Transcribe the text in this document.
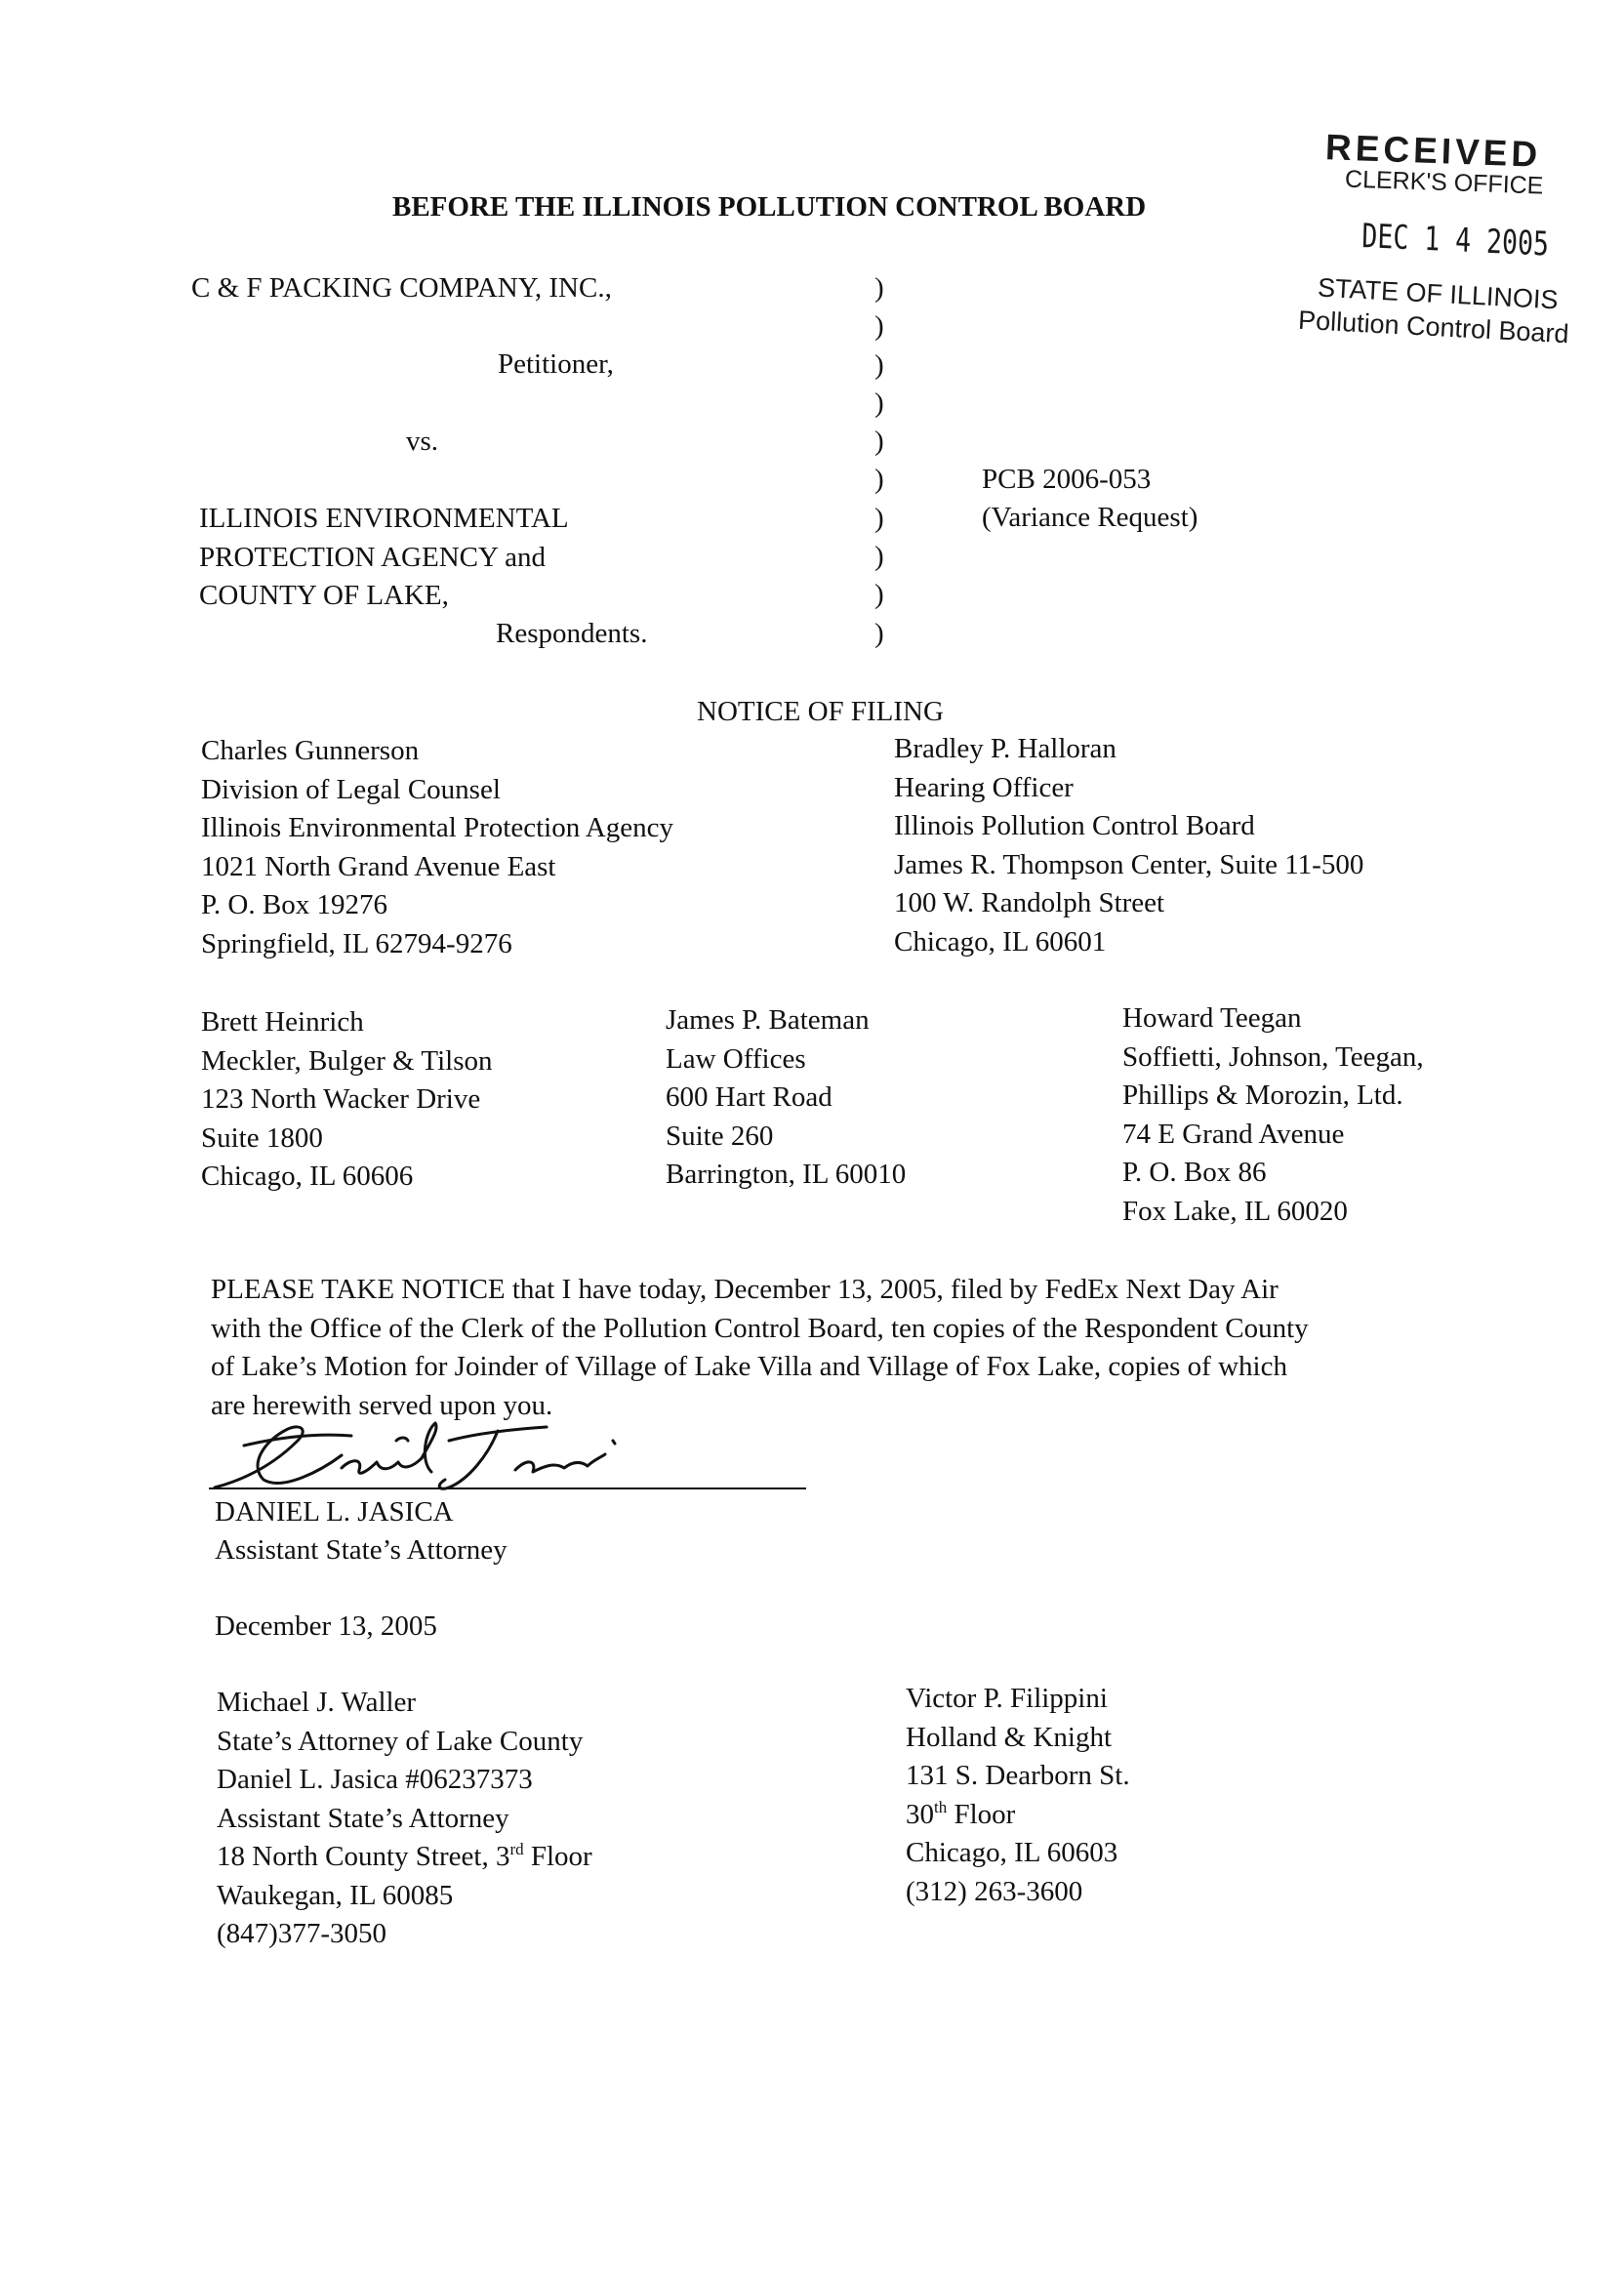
RECEIVED
CLERK'S OFFICE
DEC 1 4 2005
STATE OF ILLINOIS
Pollution Control Board
BEFORE THE ILLINOIS POLLUTION CONTROL BOARD
C & F PACKING COMPANY, INC.,
Petitioner,
vs.
ILLINOIS ENVIRONMENTAL
PROTECTION AGENCY and
COUNTY OF LAKE,
Respondents.
)
)
)
)
)
)
)
)
)
)
PCB 2006-053
(Variance Request)
NOTICE OF FILING
Charles Gunnerson
Division of Legal Counsel
Illinois Environmental Protection Agency
1021 North Grand Avenue East
P. O. Box 19276
Springfield, IL 62794-9276
Bradley P. Halloran
Hearing Officer
Illinois Pollution Control Board
James R. Thompson Center, Suite 11-500
100 W. Randolph Street
Chicago, IL 60601
Brett Heinrich
Meckler, Bulger & Tilson
123 North Wacker Drive
Suite 1800
Chicago, IL 60606
James P. Bateman
Law Offices
600 Hart Road
Suite 260
Barrington, IL 60010
Howard Teegan
Soffietti, Johnson, Teegan,
Phillips & Morozin, Ltd.
74 E Grand Avenue
P. O. Box 86
Fox Lake, IL 60020
PLEASE TAKE NOTICE that I have today, December 13, 2005, filed by FedEx Next Day Air
with the Office of the Clerk of the Pollution Control Board, ten copies of the Respondent County
of Lake’s Motion for Joinder of Village of Lake Villa and Village of Fox Lake, copies of which
are herewith served upon you.
DANIEL L. JASICA
Assistant State’s Attorney
December 13, 2005
Michael J. Waller
State’s Attorney of Lake County
Daniel L. Jasica #06237373
Assistant State’s Attorney
18 North County Street, 3rd Floor
Waukegan, IL 60085
(847)377-3050
Victor P. Filippini
Holland & Knight
131 S. Dearborn St.
30th Floor
Chicago, IL 60603
(312) 263-3600
